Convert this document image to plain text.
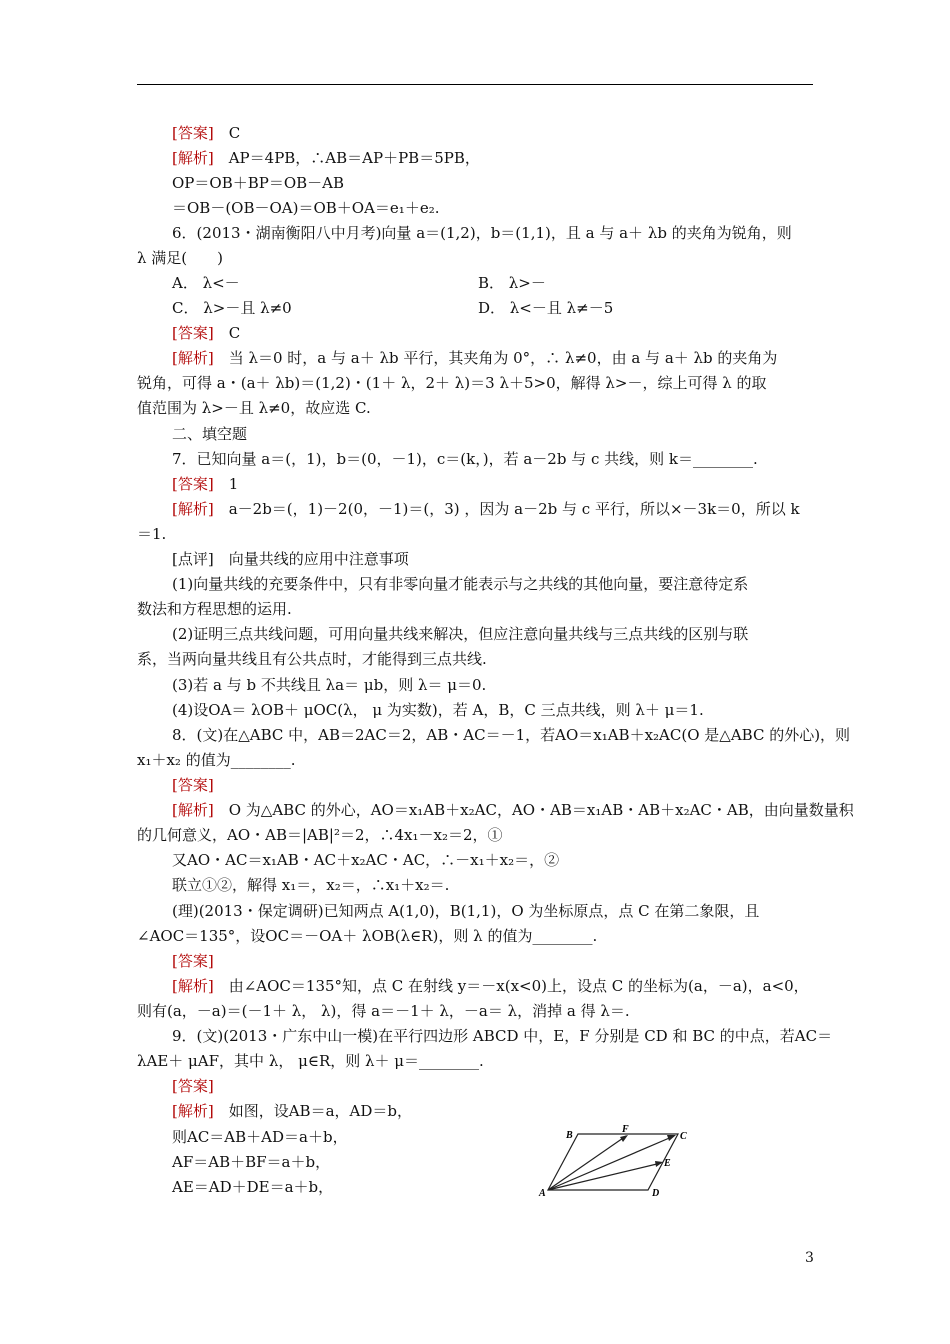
[答案]　C
[解析]　AP＝4PB，∴AB＝AP＋PB＝5PB，
OP＝OB＋BP＝OB－AB
＝OB－(OB－OA)＝OB＋OA＝e₁＋e₂.
6．(2013・湖南衡阳八中月考)向量 a＝(1,2)，b＝(1,1)，且 a 与 a＋ λb 的夹角为锐角，则
λ 满足(　　)
A． λ<－	B． λ>－
C． λ>－且 λ≠0	D． λ<－且 λ≠－5
[答案]　C
[解析]　当 λ＝0 时，a 与 a＋ λb 平行，其夹角为 0°，∴ λ≠0，由 a 与 a＋ λb 的夹角为
锐角，可得 a・(a＋ λb)＝(1,2)・(1＋ λ，2＋ λ)＝3 λ＋5>0，解得 λ>－，综上可得 λ 的取
值范围为 λ>－且 λ≠0，故应选 C.
二、填空题
7．已知向量 a＝(，1)，b＝(0，－1)，c＝(k，)，若 a－2b 与 c 共线，则 k＝________.
[答案]　1
[解析]　a－2b＝(，1)－2(0，－1)＝(，3) ，因为 a－2b 与 c 平行，所以×－3k＝0，所以 k
＝1.
[点评]　向量共线的应用中注意事项
(1)向量共线的充要条件中，只有非零向量才能表示与之共线的其他向量，要注意待定系
数法和方程思想的运用.
(2)证明三点共线问题，可用向量共线来解决，但应注意向量共线与三点共线的区别与联
系，当两向量共线且有公共点时，才能得到三点共线.
(3)若 a 与 b 不共线且 λa＝ μb，则 λ＝ μ＝0.
(4)设OA＝ λOB＋ μOC(λ， μ 为实数)，若 A，B，C 三点共线，则 λ＋ μ＝1.
8．(文)在△ABC 中，AB＝2AC＝2，AB・AC＝－1，若AO＝x₁AB＋x₂AC(O 是△ABC 的外心)，则
x₁＋x₂ 的值为________.
[答案]
[解析]　O 为△ABC 的外心，AO＝x₁AB＋x₂AC，AO・AB＝x₁AB・AB＋x₂AC・AB，由向量数量积
的几何意义，AO・AB＝|AB|²＝2，∴4x₁－x₂＝2，①
又AO・AC＝x₁AB・AC＋x₂AC・AC，∴－x₁＋x₂＝，②
联立①②，解得 x₁＝，x₂＝，∴x₁＋x₂＝.
(理)(2013・保定调研)已知两点 A(1,0)，B(1,1)，O 为坐标原点，点 C 在第二象限，且
∠AOC＝135°，设OC＝－OA＋ λOB(λ∈R)，则 λ 的值为________.
[答案]
[解析]　由∠AOC＝135°知，点 C 在射线 y＝－x(x<0)上，设点 C 的坐标为(a，－a)，a<0，
则有(a，－a)＝(－1＋ λ， λ)，得 a＝－1＋ λ，－a＝ λ，消掉 a 得 λ＝.
9．(文)(2013・广东中山一模)在平行四边形 ABCD 中，E，F 分别是 CD 和 BC 的中点，若AC＝
λAE＋ μAF，其中 λ， μ∈R，则 λ＋ μ＝________.
[答案]
[解析]　如图，设AB＝a，AD＝b，
则AC＝AB＋AD＝a＋b，
AF＝AB＋BF＝a＋b，
AE＝AD＋DE＝a＋b，
B
F
C
E
A	D
3
